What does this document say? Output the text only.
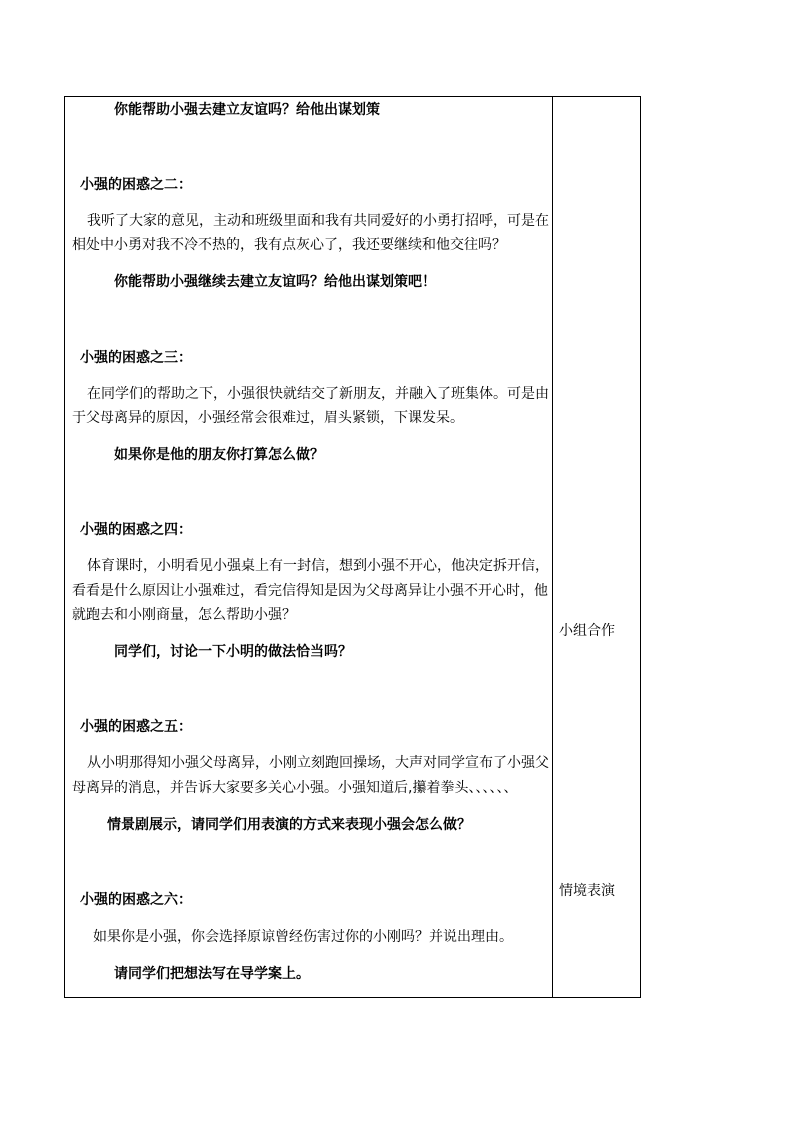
你能帮助小强去建立友谊吗？给他出谋划策
小强的困惑之二：
我听了大家的意见，主动和班级里面和我有共同爱好的小勇打招呼，可是在
相处中小勇对我不冷不热的，我有点灰心了，我还要继续和他交往吗？
你能帮助小强继续去建立友谊吗？给他出谋划策吧！
小强的困惑之三：
在同学们的帮助之下，小强很快就结交了新朋友，并融入了班集体。可是由
于父母离异的原因，小强经常会很难过，眉头紧锁，下课发呆。
如果你是他的朋友你打算怎么做？
小强的困惑之四：
体育课时，小明看见小强桌上有一封信，想到小强不开心，他决定拆开信，
看看是什么原因让小强难过，看完信得知是因为父母离异让小强不开心时，他
就跑去和小刚商量，怎么帮助小强？
同学们，讨论一下小明的做法恰当吗？
小强的困惑之五：
从小明那得知小强父母离异，小刚立刻跑回操场，大声对同学宣布了小强父
母离异的消息，并告诉大家要多关心小强。小强知道后,攥着拳头、、、、、、
情景剧展示，请同学们用表演的方式来表现小强会怎么做？
小强的困惑之六：
如果你是小强，你会选择原谅曾经伤害过你的小刚吗？并说出理由。
请同学们把想法写在导学案上。
小组合作
情境表演
